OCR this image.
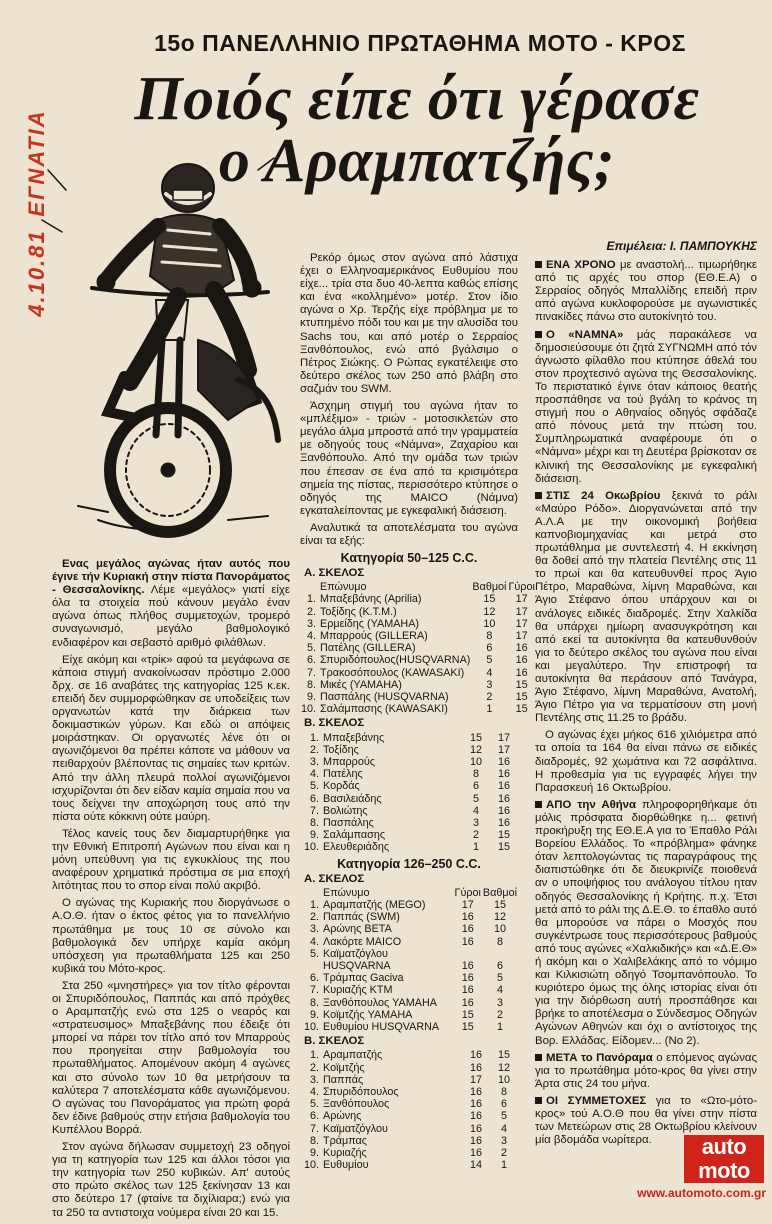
4.10.81
ΕΓΝΑΤΙΑ
15ο ΠΑΝΕΛΛΗΝΙΟ ΠΡΩΤΑΘΗΜΑ ΜΟΤΟ - ΚΡΟΣ
Ποιός είπε ότι γέρασε
ο Αραμπατζής;

Ενας μεγάλος αγώνας ήταν αυτός που έγινε τήν Κυριακή στην πίστα Πανοράματος - Θεσσαλονίκης. Λέμε «μεγάλος» γιατί είχε όλα τα στοιχεία πού κάνουν μεγάλο έναν αγώνα όπως πλήθος συμμετοχών, τρομερό συναγωνισμό, μεγάλο βαθμολογικό ενδιαφέρον και σεβαστό αριθμό φιλάθλων.

Είχε ακόμη και «τρίκ» αφού τα μεγάφωνα σε κάποια στιγμή ανακοίνωσαν πρόστιμο 2.000 δρχ. σε 16 αναβάτες της κατηγορίας 125 κ.εκ. επειδή δεν συμμορφώθηκαν σε υποδείξεις των οργανωτών κατά την διάρκεια των δοκιμαστικών γύρων. Και εδώ οι απόψεις μοιράστηκαν. Οι οργανωτές λένε ότι οι αγωνιζόμενοι θα πρέπει κάποτε να μάθουν να πειθαρχούν βλέποντας τις σημαίες των κριτών. Από την άλλη πλευρά πολλοί αγωνιζόμενοι ισχυρίζονται ότι δεν είδαν καμία σημαία που να τους δείχνει την αποχώρηση τους από την πίστα ούτε κόκκινη ούτε μαύρη.

Τέλος κανείς τους δεν διαμαρτυρήθηκε για την Εθνική Επιτροπή Αγώνων που είναι και η μόνη υπεύθυνη για τις εγκυκλίους της που αναφέρουν χρηματικά πρόστιμα σε μια εποχή λιτότητας που το σπορ είναι πολύ ακριβό.

Ο αγώνας της Κυριακής που διοργάνωσε ο Α.Ο.Θ. ήταν ο έκτος φέτος για το πανελλήνιο πρωτάθημα με τους 10 σε σύνολο και βαθμολογικά δεν υπήρχε καμία ακόμη υπόσχεση για πρωταθλήματα 125 και 250 κυβικά του Μότο-κρος.

Στα 250 «μνηστήρες» για τον τίτλο φέρονται οι Σπυριδόπουλος, Παππάς και από πρόχθες ο Αραμπατζής ενώ στα 125 ο νεαρός και «στρατευσιμος» Μπαξεβάνης που έδειξε ότι μπορεί να πάρει τον τίτλο από τον Μπαρρούς που προηγείται στην βαθμολογία του πρωταθλήματος. Απομένουν ακόμη 4 αγώνες και στο σύνολο των 10 θα μετρήσουν τα καλύτερα 7 αποτελέσματα κάθε αγωνιζόμενου. Ο αγώνας του Πανοράματος για πρώτη φορά δεν έδινε βαθμούς στην ετήσια βαθμολογία του Κυπέλλου Βορρά.

Στον αγώνα δήλωσαν συμμετοχή 23 οδηγοί για τη κατηγορία των 125 και άλλοι τόσοι για την κατηγορία των 250 κυβικών. Απ' αυτούς στο πρώτο σκέλος των 125 ξεκίνησαν 13 και στο δεύτερο 17 (φταίνε τα διχίλιαρα;) ενώ για τα 250 τα αντιστοιχα νούμερα είναι 20 και 15.

Ρεκόρ όμως στον αγώνα από λάστιχα έχει ο Ελληνοαμερικάνος Ευθυμίου που είχε... τρία στα δυο 40-λεπτα καθώς επίσης και ένα «κολλημένο» μοτέρ. Στον ίδιο αγώνα ο Χρ. Τερζής είχε πρόβλημα με το κτυπημένο πόδι του και με την αλυσίδα του Sachs του, και από μοτέρ ο Σερραίος Ξανθόπουλος, ενώ από βγάλσιμο ο Πέτρος Σιώκης. Ο Ρώπας εγκατέλειψε στο δεύτερο σκέλος των 250 από βλάβη στο σαζμάν του SWM.

Άσχημη στιγμή του αγώνα ήταν το «μπλέξιμο» - τριών - μοτοσικλετών στο μεγάλο άλμα μπροστά από την γραμματεία με οδηγούς τους «Νάμνα», Ζαχαρίου και Ξανθόπουλο. Από την ομάδα των τριών που έπεσαν σε ένα από τα κρισιμότερα σημεία της πίστας, περισσότερο κτύπησε ο οδηγός της MAICO (Νάμνα) εγκαταλείποντας με εγκεφαλική διάσειση.

Αναλυτικά τα αποτελέσματα του αγώνα είναι τα εξής:

Κατηγορία 50–125 C.C.
A. ΣΚΕΛΟΣ
	Επώνυμο	Βαθμοί	Γύροι
1.	Μπαξεβάνης (Aprilia)	15	17
2.	Τοξίδης (K.T.M.)	12	17
3.	Ερμείδης (YAMAHA)	10	17
4.	Μπαρρούς (GILLERA)	8	17
5.	Πατέλης (GILLERA)	6	16
6.	Σπυριδόπουλος(HUSQVARNA)	5	16
7.	Τρακοσόπουλος (KAWASAKI)	4	16
8.	Μικές (YAMAHA)	3	15
9.	Πασπάλης (HUSQVARNA)	2	15
10.	Σαλάμπασης (KAWASAKI)	1	15
B. ΣΚΕΛΟΣ
1.	Μπαξεβάνης	15	17
2.	Τοξίδης	12	17
3.	Μπαρρούς	10	16
4.	Πατέλης	8	16
5.	Κορδάς	6	16
6.	Βασιλειάδης	5	16
7.	Βολιώτης	4	16
8.	Πασπάλης	3	16
9.	Σαλάμπασης	2	15
10.	Ελευθεριάδης	1	15
Κατηγορία 126–250 C.C.
A. ΣΚΕΛΟΣ
	Επώνυμο	Γύροι	Βαθμοί
1.	Αραμπατζής (MEGO)	17	15
2.	Παππάς (SWM)	16	12
3.	Αρώνης BETA	16	10
4.	Λακόρτε MAICO	16	8
5.	Καϊματζόγλου		
	HUSQVARNA	16	6
6.	Τράμπας Gaciva	16	5
7.	Κυριαζής KTM	16	4
8.	Ξανθόπουλος YAMAHA	16	3
9.	Κοϊμτζής YAMAHA	15	2
10.	Ευθυμίου HUSQVARNA	15	1
B. ΣΚΕΛΟΣ
1.	Αραμπατζής	16	15
2.	Κοϊμτζής	16	12
3.	Παππάς	17	10
4.	Σπυριδόπουλος	16	8
5.	Ξανθόπουλος	16	6
6.	Αρώνης	16	5
7.	Καϊματζόγλου	16	4
8.	Τράμπας	16	3
9.	Κυριαζής	16	2
10.	Ευθυμίου	14	1
Επιμέλεια: Ι. ΠΑΜΠΟΥΚΗΣ

ΕΝΑ ΧΡΟΝΟ με αναστολή... τιμωρήθηκε από τις αρχές του σπορ (ΕΘ.Ε.Α) ο Σερραίος οδηγός Μπαλλίδης επειδή πριν από αγώνα κυκλοφορούσε με αγωνιστικές πινακίδες πάνω στο αυτοκίνητό του.

Ο «ΝΑΜΝΑ» μάς παρακάλεσε να δημοσιεύσουμε ότι ζητά ΣΥΓΝΩΜΗ από τόν άγνωστο φίλαθλο που κτύπησε άθελά του στον προχτεσινό αγώνα της Θεσσαλονίκης. Το περιστατικό έγινε όταν κάποιος θεατής προσπάθησε να τού βγάλη το κράνος τη στιγμή που ο Αθηναίος οδηγός σφάδαζε από πόνους μετά την πτώση του. Συμπληρωματικά αναφέρουμε ότι ο «Νάμνα» μέχρι και τη Δευτέρα βρίσκοταν σε κλινική της Θεσσαλονίκης με εγκεφαλική διάσειση.

ΣΤΙΣ 24 Οκωβρίου ξεκινά το ράλι «Μαύρο Ρόδο». Διοργανώνεται από την Α.Λ.Α με την οικονομική βοήθεια καπνοβιομηχανίας και μετρά στο πρωτάθλημα με συντελεστή 4. Η εκκίνηση θα δοθεί από την πλατεία Πεντέλης στις 11 το πρωί και θα κατευθυνθεί προς Άγιο Πέτρο, Μαραθώνα, λίμνη Μαραθώνα, και Άγιο Στέφανο όπου υπάρχουν και οι ανάλογες ειδικές διαδρομές. Στην Χαλκίδα θα υπάρχει ημίωρη ανασυγκρότηση και από εκεί τα αυτοκίνητα θα κατευθυνθούν για το δεύτερο σκέλος του αγώνα που είναι και μεγαλύτερο. Την επιστροφή τα αυτοκίνητα θα περάσουν από Τανάγρα, Άγιο Στέφανο, λίμνη Μαραθώνα, Ανατολή, Άγιο Πέτρο για να τερματίσουν στη μονή Πεντέλης στις 11.25 το βράδυ.

Ο αγώνας έχει μήκος 616 χιλιόμετρα από τα οποία τα 164 θα είναι πάνω σε ειδικές διαδρομές, 92 χωμάτινα και 72 ασφάλτινα. Η προθεσμία για τις εγγραφές λήγει την Παρασκευή 16 Οκτωβρίου.

ΑΠΟ την Αθήνα πληροφορηθήκαμε ότι μόλις πρόσφατα διορθώθηκε η... φετινή προκήρυξη της ΕΘ.Ε.Α για το Έπαθλο Ράλι Βορείου Ελλάδος. Το «πρόβλημα» φάνηκε όταν λεπτολογώντας τις παραγράφους της διαπιστώθηκε ότι δε διευκρινίζε ποιοθενά αν ο υποψήφιος του ανάλογου τίτλου ηταν οδηγός Θεσσαλονίκης ή Κρήτης. π.χ. Έτσι μετά από το ράλι της Δ.Ε.Θ. το έπαθλο αυτό θα μπορούσε να πάρει ο Μοσχός που συγκέντρωσε τους περισσότερους βαθμούς από τους αγώνες «Χαλκιδικής» και «Δ.Ε.Θ» ή ακόμη και ο Χαλιβελάκης από το νόμιμο και Κιλκισιώτη οδηγό Τσομπανόπουλο. Το κυριότερο όμως της όλης ιστορίας είναι ότι για την διόρθωση αυτή προσπάθησε και βρήκε το αποτέλεσμα ο Σύνδεσμος Οδηγών Αγώνων Αθηνών και όχι ο αντίστοιχος της Βορ. Ελλάδας. Είδομεν... (Νο 2).

ΜΕΤΑ το Πανόραμα ο επόμενος αγώνας για το πρωτάθημα μότο-κρος θα γίνει στην Άρτα στις 24 του μήνα.

ΟΙ ΣΥΜΜΕΤΟΧΕΣ για το «Ωτο-μότο-κρος» τού Α.Ο.Θ που θα γίνει στην πίστα των Μετεώρων στις 28 Οκτωβρίου κλείνουν μία βδομάδα νωρίτερα.	auto
moto
www.automoto.com.gr
